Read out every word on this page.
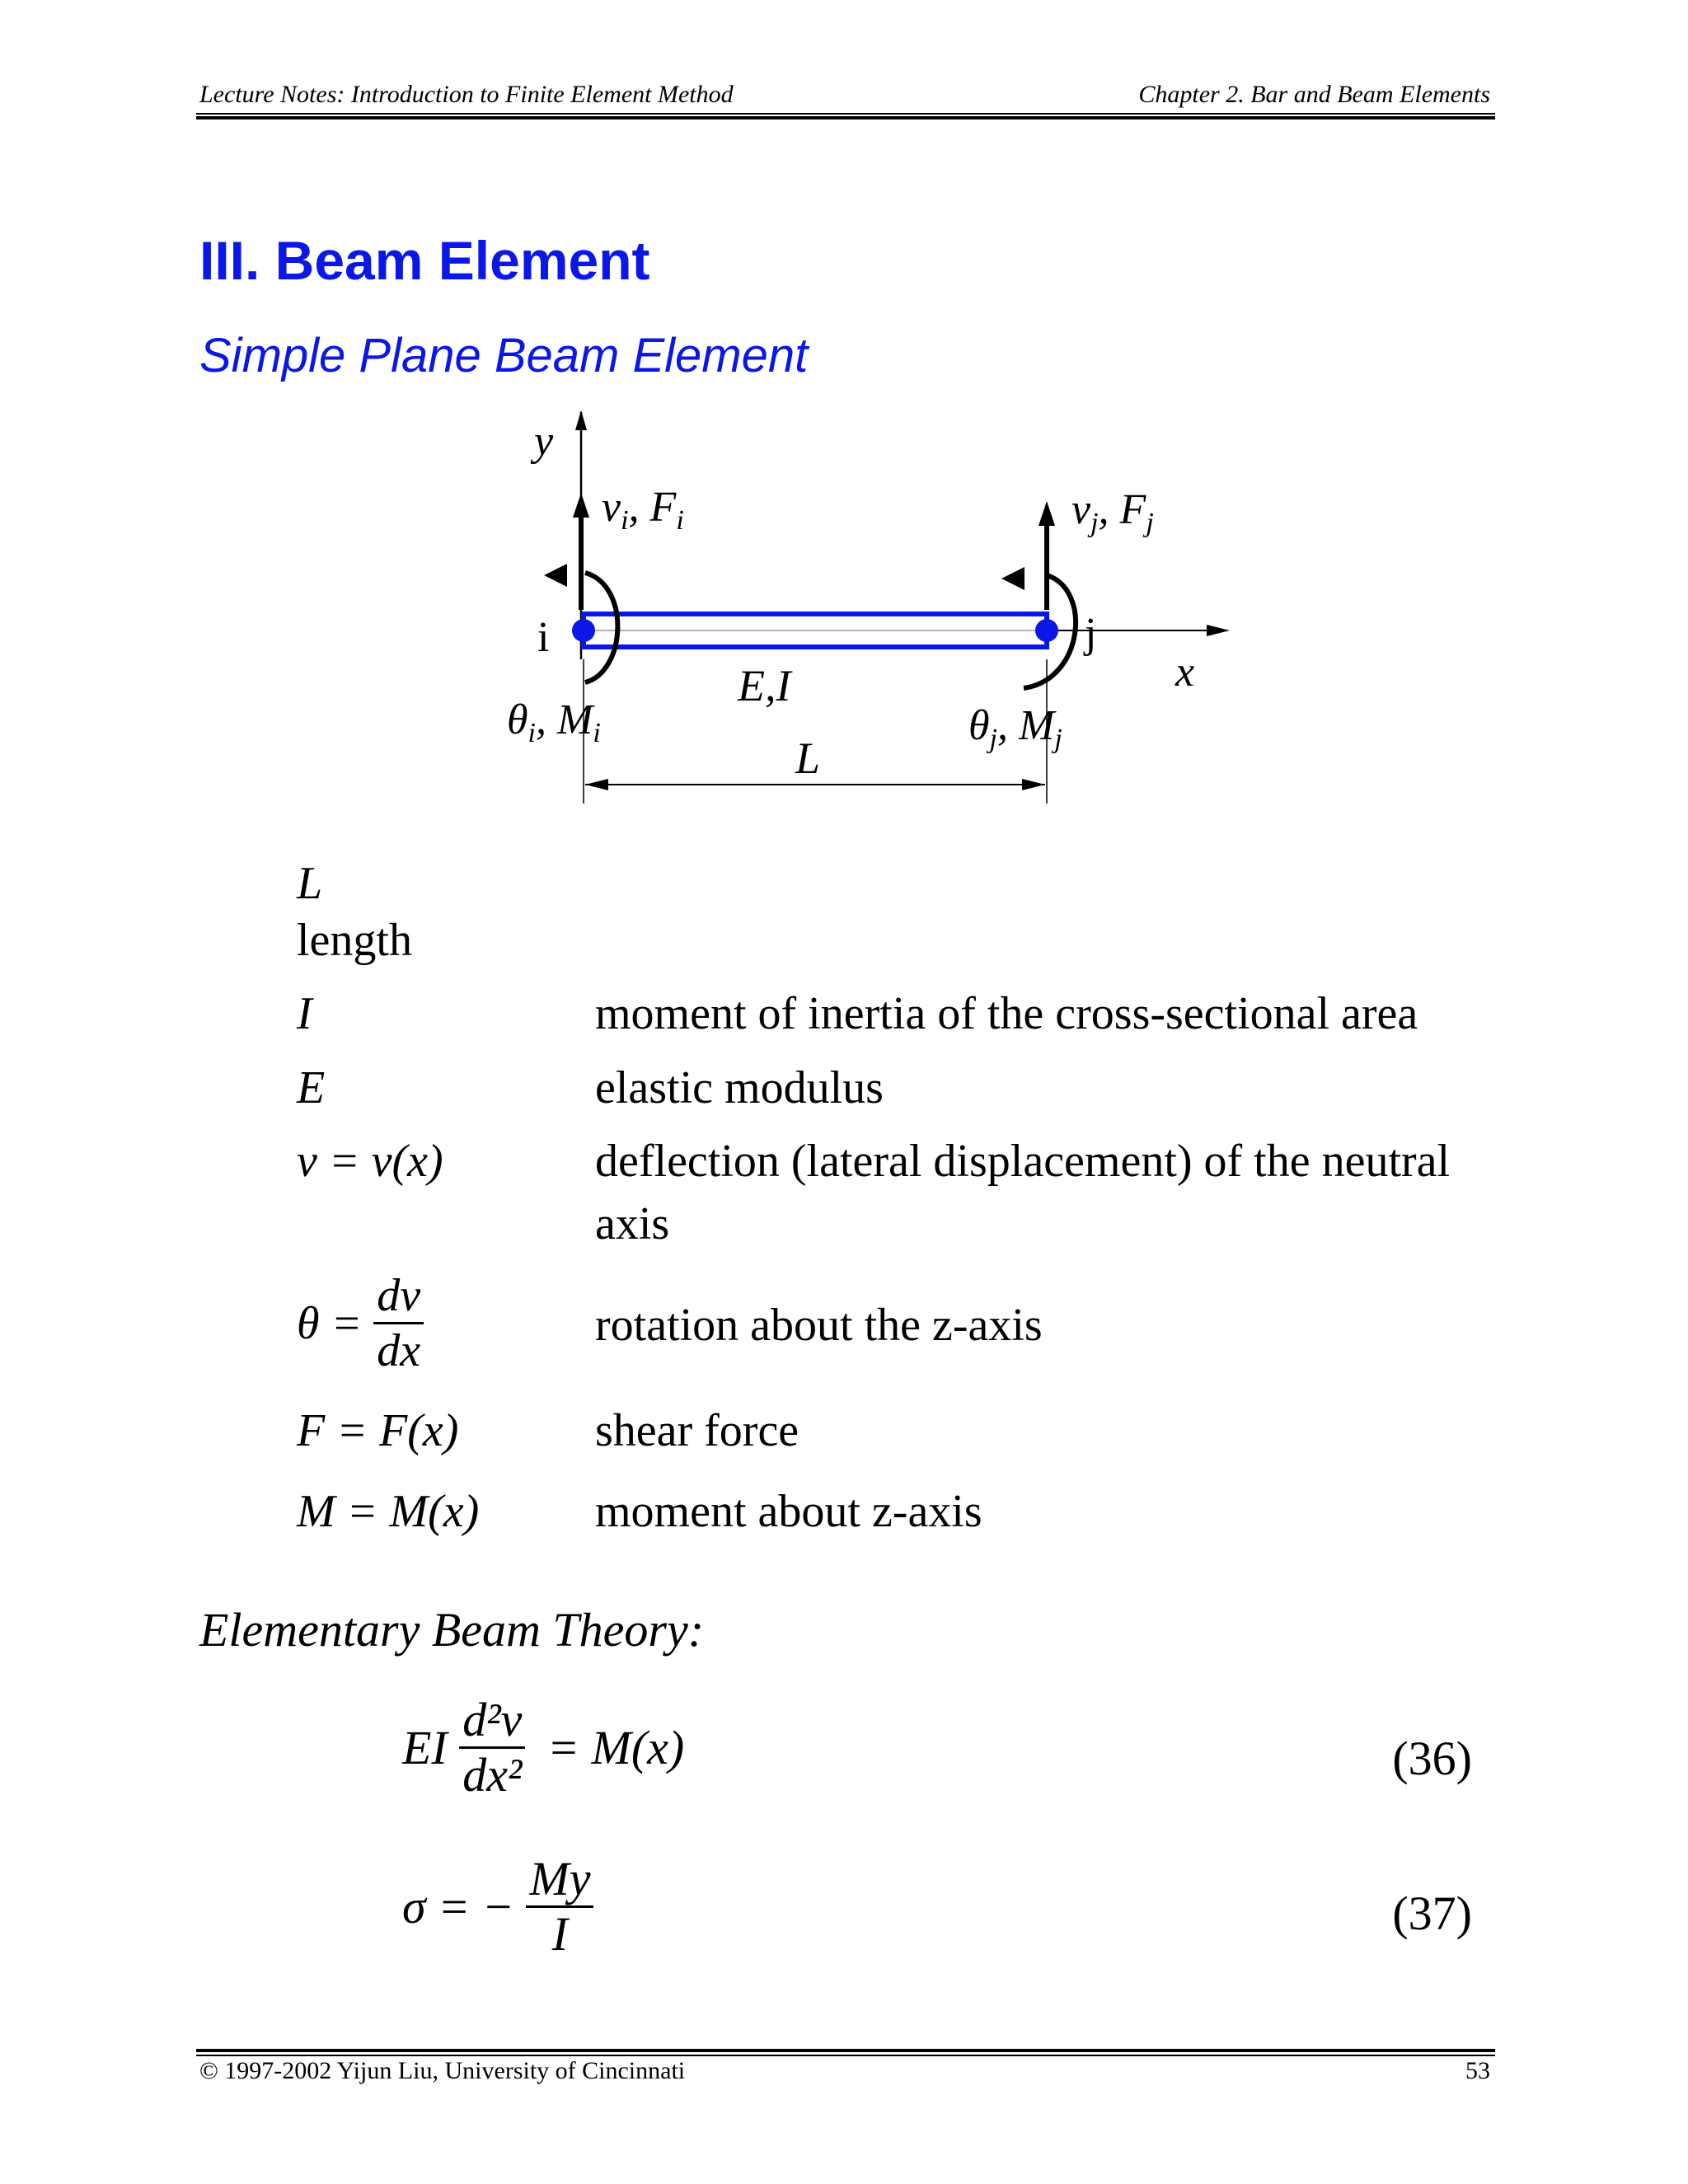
Lecture Notes: Introduction to Finite Element Method	Chapter 2. Bar and Beam Elements
III. Beam Element
Simple Plane Beam Element
y
x
i	j
vi, Fi	vj, Fj
θi, Mi	θj, Mj
E,I
L
L
length
I	moment of inertia of the cross-sectional area
E	elastic modulus
v = v(x)	deflection (lateral displacement) of the neutral axis
$\theta = \frac{dv}{dx}$	rotation about the z-axis
F = F(x)	shear force
M = M(x)	moment about z-axis
Elementary Beam Theory:
EI $\frac{\text{d²v}}{\text{dx²}} = M(x)$	(36)
σ = − $\frac{My}{I}$	(37)
© 1997-2002 Yijun Liu, University of Cincinnati	53
